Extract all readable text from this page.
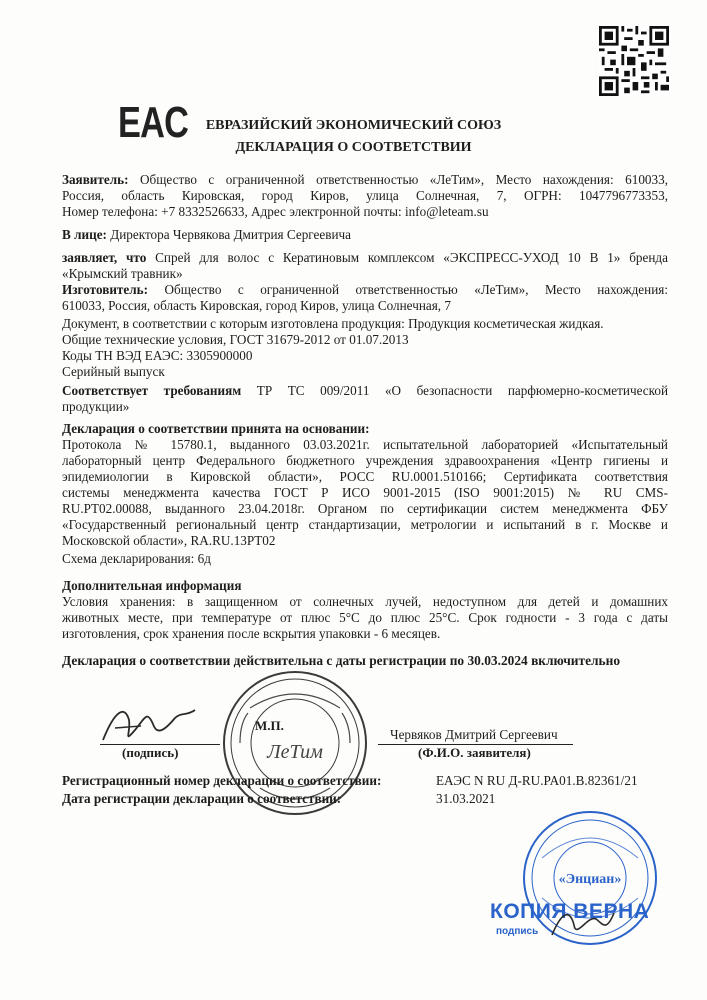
EAC	ЕВРАЗИЙСКИЙ ЭКОНОМИЧЕСКИЙ СОЮЗ
ДЕКЛАРАЦИЯ О СООТВЕТСТВИИ
Заявитель: Общество с ограниченной ответственностью «ЛеТим», Место нахождения: 610033,
Россия, область Кировская, город Киров, улица Солнечная, 7, ОГРН: 1047796773353,
Номер телефона: +7 8332526633, Адрес электронной почты: info@leteam.su
В лице: Директора Червякова Дмитрия Сергеевича
заявляет, что Спрей для волос с Кератиновым комплексом «ЭКСПРЕСС-УХОД 10 В 1» бренда
«Крымский травник»
Изготовитель: Общество с ограниченной ответственностью «ЛеТим», Место нахождения:
610033, Россия, область Кировская, город Киров, улица Солнечная, 7
Документ, в соответствии с которым изготовлена продукция: Продукция косметическая жидкая.
Общие технические условия, ГОСТ 31679-2012 от 01.07.2013
Коды ТН ВЭД ЕАЭС: 3305900000
Серийный выпуск
Соответствует требованиям ТР ТС 009/2011 «О безопасности парфюмерно-косметической
продукции»
Декларация о соответствии принята на основании:
Протокола № 15780.1, выданного 03.03.2021г. испытательной лабораторией «Испытательный
лабораторный центр Федерального бюджетного учреждения здравоохранения «Центр гигиены и
эпидемиологии в Кировской области», РОСС RU.0001.510166; Сертификата соответствия
системы менеджмента качества ГОСТ Р ИСО 9001-2015 (ISO 9001:2015) № RU CMS-
RU.PT02.00088, выданного 23.04.2018г. Органом по сертификации систем менеджмента ФБУ
«Государственный региональный центр стандартизации, метрологии и испытаний в г. Москве и
Московской области», RA.RU.13PT02
Схема декларирования: 6д
Дополнительная информация
Условия хранения: в защищенном от солнечных лучей, недоступном для детей и домашних
животных месте, при температуре от плюс 5°C до плюс 25°C. Срок годности - 3 года с даты
изготовления, срок хранения после вскрытия упаковки - 6 месяцев.
Декларация о соответствии действительна с даты регистрации по 30.03.2024 включительно
ЛеТим
М.П.
Червяков Дмитрий Сергеевич
(подпись)	(Ф.И.О. заявителя)
Регистрационный номер декларации о соответствии:	ЕАЭС N RU Д-RU.PA01.B.82361/21
Дата регистрации декларации о соответствии:	31.03.2021
«Энциан»
КОПИЯ ВЕРНА
подпись
